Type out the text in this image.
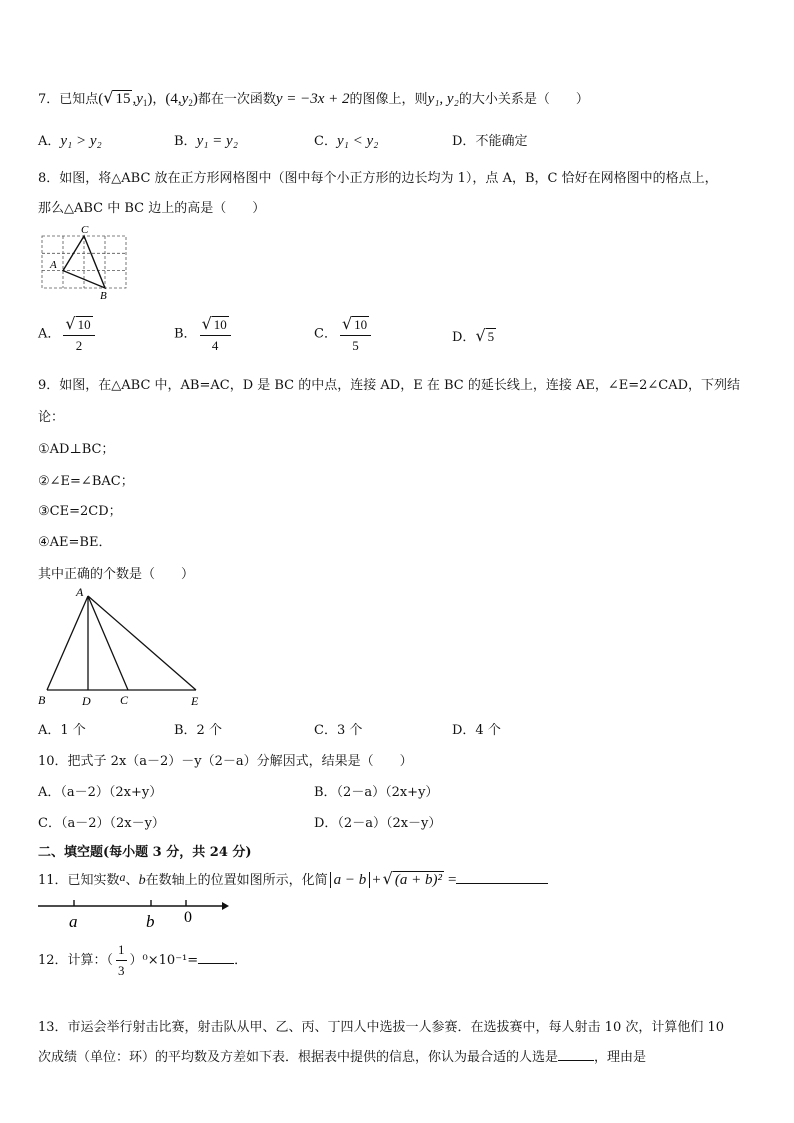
7．已知点(√ 15 $,y_1$)，$(4,y_2)$都在一次函数y = −3x + 2的图像上，则y₁, y₂的大小关系是（　　）
A．y₁ > y₂	B．y₁ = y₂	C．y₁ < y₂	D．不能确定
8．如图，将△ABC 放在正方形网格图中（图中每个小正方形的边长均为 1），点 A，B，C 恰好在网格图中的格点上，
那么△ABC 中 BC 边上的高是（　　）
C
A
B
A． $\frac{√ 10}{2}$	B． $\frac{√ 10}{4}$	C． $\frac{√ 10}{5}$	D．√ 5
9．如图，在△ABC 中，AB=AC，D 是 BC 的中点，连接 AD，E 在 BC 的延长线上，连接 AE，∠E=2∠CAD，下列结
论：
①AD⊥BC；
②∠E=∠BAC；
③CE=2CD；
④AE=BE．
其中正确的个数是（　　）
A
B	D C	E
A．1 个	B．2 个	C．3 个	D．4 个
10．把式子 2x（a－2）－y（2－a）分解因式，结果是（　　）
A．（a－2）（2x+y）	B．（2－a）（2x+y）
C．（a－2）（2x－y）	D．（2－a）（2x－y）
二、填空题(每小题 3 分，共 24 分)
11．已知实数a、b在数轴上的位置如图所示，化简 a − b + √ (a + b)² =
a	b 0
12．计算：（ $\frac{1}{3} )^0\times 10^{-1}=$	．
13．市运会举行射击比赛，射击队从甲、乙、丙、丁四人中选拔一人参赛．在选拔赛中，每人射击 10 次，计算他们 10
次成绩（单位：环）的平均数及方差如下表．根据表中提供的信息，你认为最合适的人选是	，理由是
